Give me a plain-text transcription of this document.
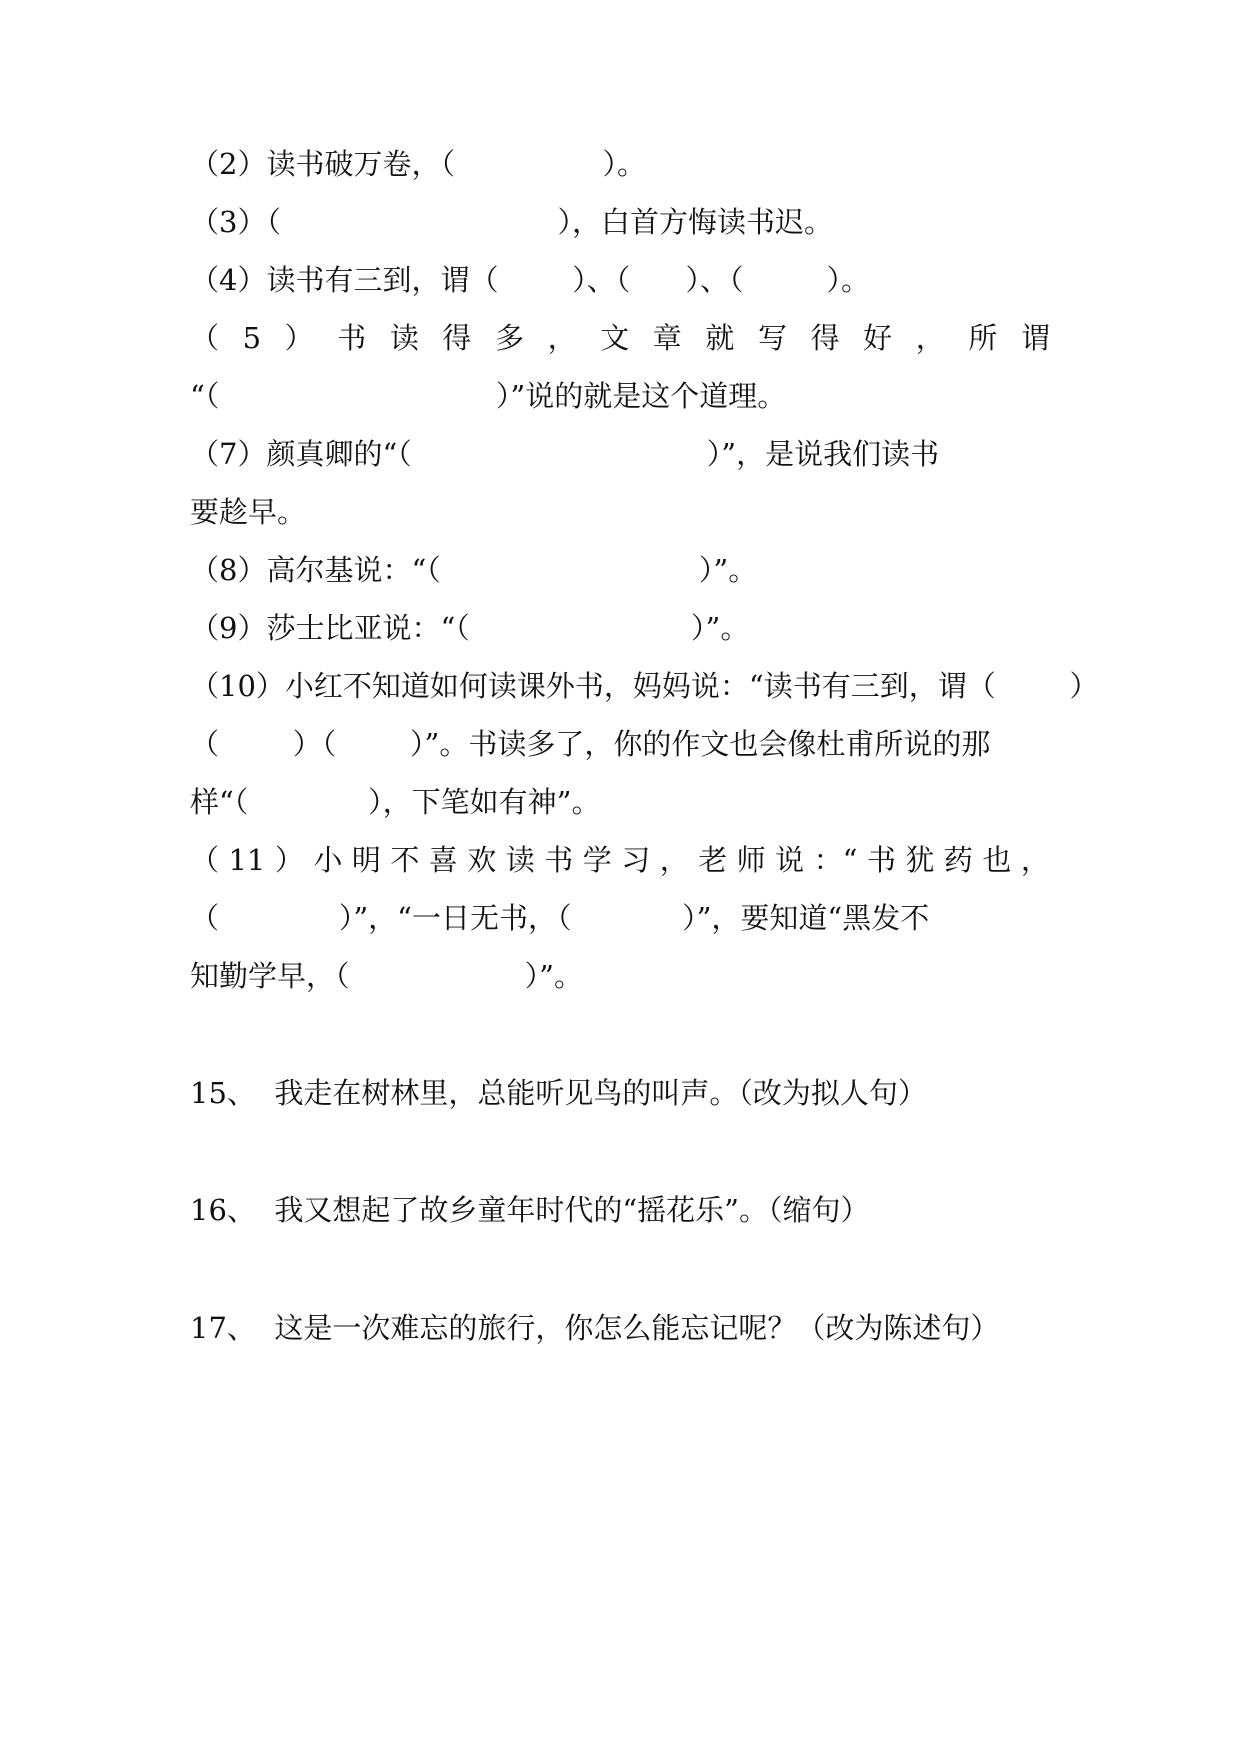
（2）读书破万卷，（                ）。
（3）（                              ），白首方悔读书迟。
（4）读书有三到，谓（        ）、（      ）、（         ）。
（ 5 ） 书 读 得 多 ， 文 章 就 写 得 好 ， 所 谓
“（                              ）”说的就是这个道理。
（7）颜真卿的“（                                ）”，是说我们读书
要趁早。
（8）高尔基说：“（                            ）”。
（9）莎士比亚说：“（                        ）”。
（10）小红不知道如何读课外书，妈妈说：“读书有三到，谓（        ）
（        ）（        ）”。书读多了，你的作文也会像杜甫所说的那
样“（             ），下笔如有神”。
（ 11 ） 小 明 不 喜 欢 读 书 学 习 ， 老 师 说 ：“ 书 犹 药 也 ，
（             ）”，“一日无书，（            ）”，要知道“黑发不
知勤学早，（                   ）”。
15、  我走在树林里，总能听见鸟的叫声。（改为拟人句）
16、  我又想起了故乡童年时代的“摇花乐”。（缩句）
17、  这是一次难忘的旅行，你怎么能忘记呢？（改为陈述句）
